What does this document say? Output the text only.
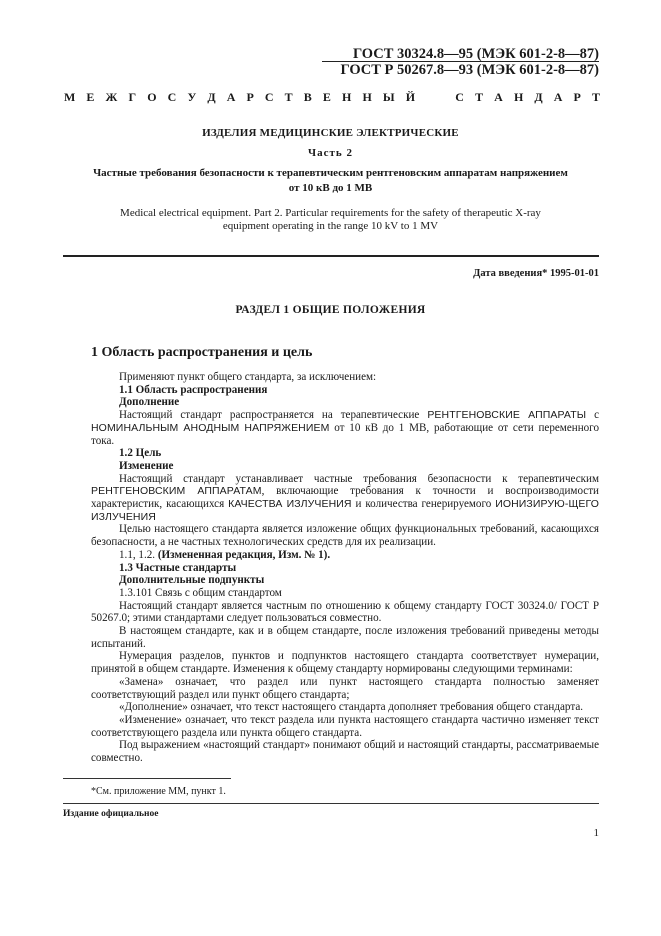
ГОСТ 30324.8—95 (МЭК 601-2-8—87)
ГОСТ Р 50267.8—93 (МЭК 601-2-8—87)
М Е Ж Г О С У Д А Р С Т В Е Н Н Ы Й	С Т А Н Д А Р Т
ИЗДЕЛИЯ МЕДИЦИНСКИЕ ЭЛЕКТРИЧЕСКИЕ
Часть 2
Частные требования безопасности к терапевтическим рентгеновским аппаратам напряжением от 10 кВ до 1 МВ
Medical electrical equipment. Part 2. Particular requirements for the safety of therapeutic X-ray equipment operating in the range 10 kV to 1 MV
Дата введения* 1995-01-01
РАЗДЕЛ 1 ОБЩИЕ ПОЛОЖЕНИЯ
1 Область распространения и цель

Применяют пункт общего стандарта, за исключением:

1.1 Область распространения

Дополнение

Настоящий стандарт распространяется на терапевтические РЕНТГЕНОВСКИЕ АППАРАТЫ с НОМИНАЛЬНЫМ АНОДНЫМ НАПРЯЖЕНИЕМ от 10 кВ до 1 МВ, работающие от сети переменного тока.

1.2 Цель

Изменение

Настоящий стандарт устанавливает частные требования безопасности к терапевтическим РЕНТГЕНОВСКИМ АППАРАТАМ, включающие требования к точности и воспроизводимости характеристик, касающихся КАЧЕСТВА ИЗЛУЧЕНИЯ и количества генерируемого ИОНИЗИРУЮ-ЩЕГО ИЗЛУЧЕНИЯ

Целью настоящего стандарта является изложение общих функциональных требований, касающихся безопасности, а не частных технологических средств для их реализации.

1.1, 1.2. (Измененная редакция, Изм. № 1).

1.3 Частные стандарты

Дополнительные подпункты

1.3.101 Связь с общим стандартом

Настоящий стандарт является частным по отношению к общему стандарту ГОСТ 30324.0/ ГОСТ Р 50267.0; этими стандартами следует пользоваться совместно.

В настоящем стандарте, как и в общем стандарте, после изложения требований приведены методы испытаний.

Нумерация разделов, пунктов и подпунктов настоящего стандарта соответствует нумерации, принятой в общем стандарте. Изменения к общему стандарту нормированы следующими терминами:

«Замена» означает, что раздел или пункт настоящего стандарта полностью заменяет соответствующий раздел или пункт общего стандарта;

«Дополнение» означает, что текст настоящего стандарта дополняет требования общего стандарта.

«Изменение» означает, что текст раздела или пункта настоящего стандарта частично изменяет текст соответствующего раздела или пункта общего стандарта.

Под выражением «настоящий стандарт» понимают общий и настоящий стандарты, рассматриваемые совместно.

*См. приложение ММ, пункт 1.
Издание официальное
1
